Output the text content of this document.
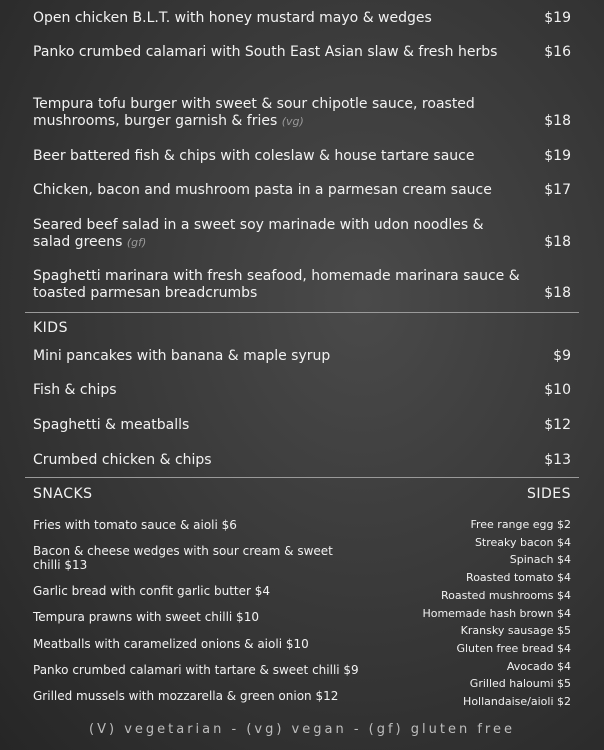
Open chicken B.L.T. with honey mustard mayo & wedges	$19
Panko crumbed calamari with South East Asian slaw & fresh herbs	$16
Tempura tofu burger with sweet & sour chipotle sauce, roasted mushrooms, burger garnish & fries (vg)	$18
Beer battered fish & chips with coleslaw & house tartare sauce	$19
Chicken, bacon and mushroom pasta in a parmesan cream sauce	$17
Seared beef salad in a sweet soy marinade with udon noodles & salad greens (gf)	$18
Spaghetti marinara with fresh seafood, homemade marinara sauce & toasted parmesan breadcrumbs	$18
KIDS
Mini pancakes with banana & maple syrup	$9
Fish & chips	$10
Spaghetti & meatballs	$12
Crumbed chicken & chips	$13
SNACKS	SIDES
Fries with tomato sauce & aioli $6
Bacon & cheese wedges with sour cream & sweet chilli $13
Garlic bread with confit garlic butter $4
Tempura prawns with sweet chilli $10
Meatballs with caramelized onions & aioli $10
Panko crumbed calamari with tartare & sweet chilli $9
Grilled mussels with mozzarella & green onion $12
Free range egg $2
Streaky bacon $4
Spinach $4
Roasted tomato $4
Roasted mushrooms $4
Homemade hash brown $4
Kransky sausage $5
Gluten free bread $4
Avocado $4
Grilled haloumi $5
Hollandaise/aioli $2
(V) vegetarian - (vg) vegan - (gf) gluten free
